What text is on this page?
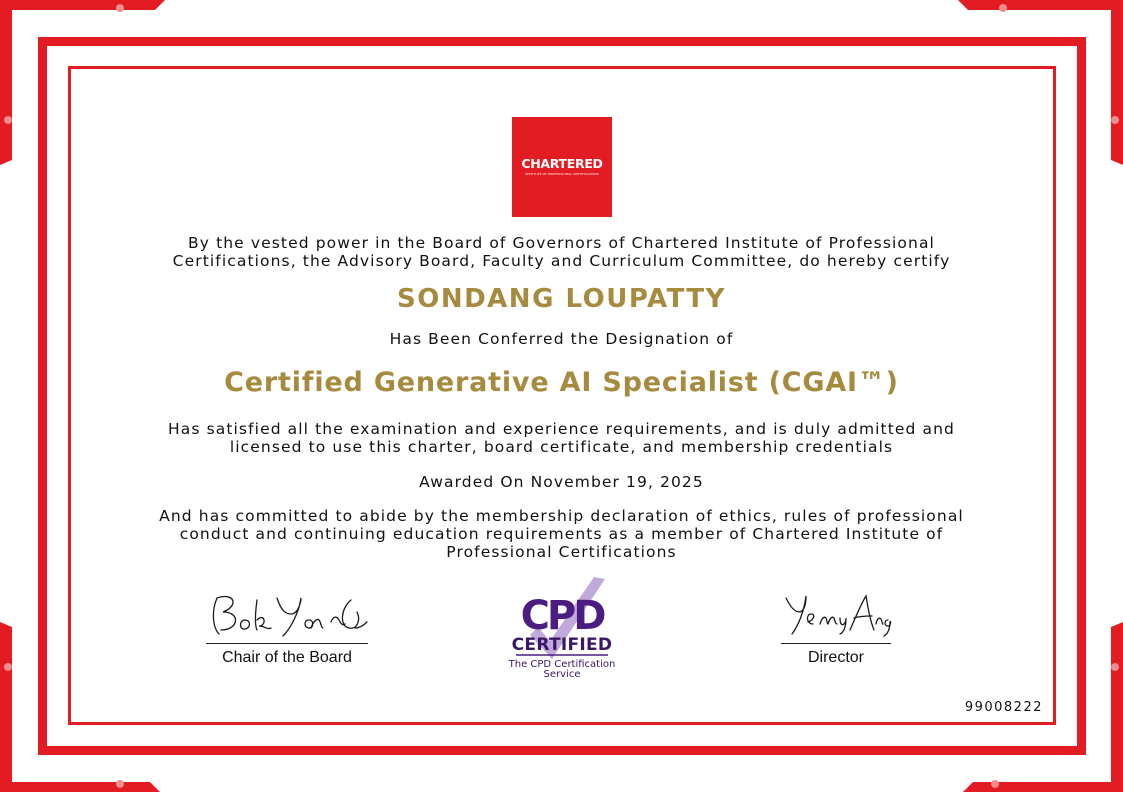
CHARTERED
INSTITUTE OF PROFESSIONAL CERTIFICATIONS
By the vested power in the Board of Governors of Chartered Institute of Professional
Certifications, the Advisory Board, Faculty and Curriculum Committee, do hereby certify
SONDANG LOUPATTY
Has Been Conferred the Designation of
Certified Generative AI Specialist (CGAI™)
Has satisfied all the examination and experience requirements, and is duly admitted and
licensed to use this charter, board certificate, and membership credentials
Awarded On November 19, 2025
And has committed to abide by the membership declaration of ethics, rules of professional
conduct and continuing education requirements as a member of Chartered Institute of
Professional Certifications
Chair of the Board	Director
CPD
CERTIFIED
The CPD Certification
Service
99008222
